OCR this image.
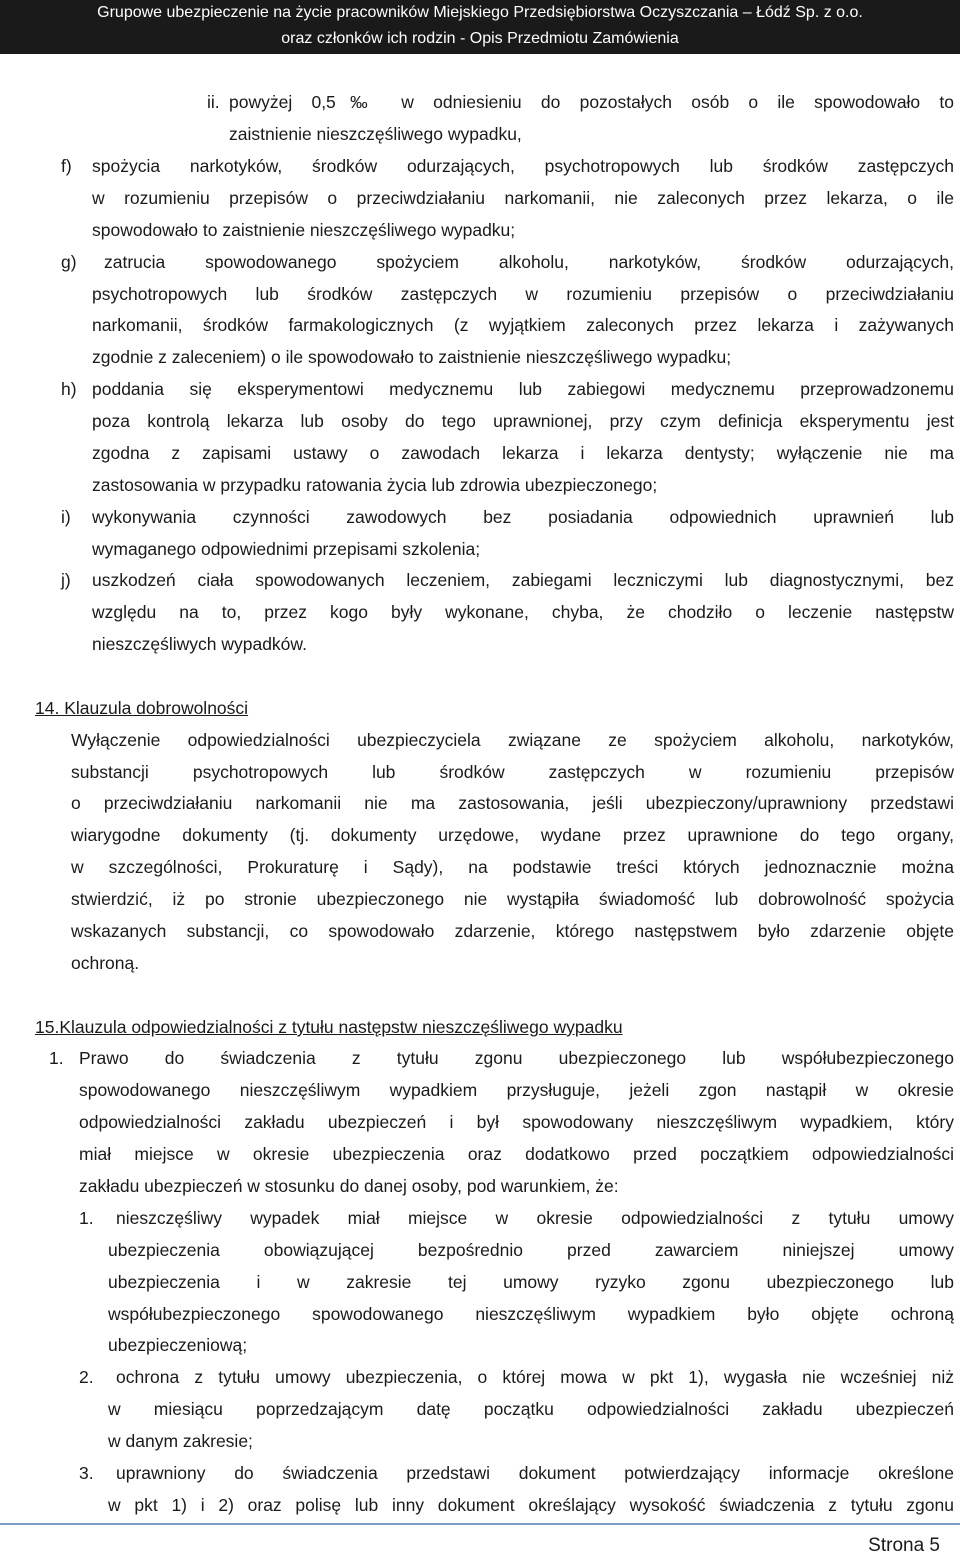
Grupowe ubezpieczenie na życie pracowników Miejskiego Przedsiębiorstwa Oczyszczania – Łódź Sp. z o.o.
oraz członków ich rodzin - Opis Przedmiotu Zamówienia
ii. powyżej 0,5‰ w odniesieniu do pozostałych osób o ile spowodowało to
zaistnienie nieszczęśliwego wypadku,
f) spożycia narkotyków, środków odurzających, psychotropowych lub środków zastępczych
w rozumieniu przepisów o przeciwdziałaniu narkomanii, nie zaleconych przez lekarza, o ile
spowodowało to zaistnienie nieszczęśliwego wypadku;
g) zatrucia spowodowanego spożyciem alkoholu, narkotyków, środków odurzających,
psychotropowych lub środków zastępczych w rozumieniu przepisów o przeciwdziałaniu
narkomanii, środków farmakologicznych (z wyjątkiem zaleconych przez lekarza i zażywanych
zgodnie z zaleceniem) o ile spowodowało to zaistnienie nieszczęśliwego wypadku;
h) poddania się eksperymentowi medycznemu lub zabiegowi medycznemu przeprowadzonemu
poza kontrolą lekarza lub osoby do tego uprawnionej, przy czym definicja eksperymentu jest
zgodna z zapisami ustawy o zawodach lekarza i lekarza dentysty; wyłączenie nie ma
zastosowania w przypadku ratowania życia lub zdrowia ubezpieczonego;
i) wykonywania czynności zawodowych bez posiadania odpowiednich uprawnień lub
wymaganego odpowiednimi przepisami szkolenia;
j) uszkodzeń ciała spowodowanych leczeniem, zabiegami leczniczymi lub diagnostycznymi, bez
względu na to, przez kogo były wykonane, chyba, że chodziło o leczenie następstw
nieszczęśliwych wypadków.
14. Klauzula dobrowolności
Wyłączenie odpowiedzialności ubezpieczyciela związane ze spożyciem alkoholu, narkotyków,
substancji psychotropowych lub środków zastępczych w rozumieniu przepisów
o przeciwdziałaniu narkomanii nie ma zastosowania, jeśli ubezpieczony/uprawniony przedstawi
wiarygodne dokumenty (tj. dokumenty urzędowe, wydane przez uprawnione do tego organy,
w szczególności, Prokuraturę i Sądy), na podstawie treści których jednoznacznie można
stwierdzić, iż po stronie ubezpieczonego nie wystąpiła świadomość lub dobrowolność spożycia
wskazanych substancji, co spowodowało zdarzenie, którego następstwem było zdarzenie objęte
ochroną.
15.Klauzula odpowiedzialności z tytułu następstw nieszczęśliwego wypadku
1. Prawo do świadczenia z tytułu zgonu ubezpieczonego lub współubezpieczonego
spowodowanego nieszczęśliwym wypadkiem przysługuje, jeżeli zgon nastąpił w okresie
odpowiedzialności zakładu ubezpieczeń i był spowodowany nieszczęśliwym wypadkiem, który
miał miejsce w okresie ubezpieczenia oraz dodatkowo przed początkiem odpowiedzialności
zakładu ubezpieczeń w stosunku do danej osoby, pod warunkiem, że:
1. nieszczęśliwy wypadek miał miejsce w okresie odpowiedzialności z tytułu umowy
ubezpieczenia obowiązującej bezpośrednio przed zawarciem niniejszej umowy
ubezpieczenia i w zakresie tej umowy ryzyko zgonu ubezpieczonego lub
współubezpieczonego spowodowanego nieszczęśliwym wypadkiem było objęte ochroną
ubezpieczeniową;
2. ochrona z tytułu umowy ubezpieczenia, o której mowa w pkt 1), wygasła nie wcześniej niż
w miesiącu poprzedzającym datę początku odpowiedzialności zakładu ubezpieczeń
w danym zakresie;
3. uprawniony do świadczenia przedstawi dokument potwierdzający informacje określone
w pkt 1) i 2) oraz polisę lub inny dokument określający wysokość świadczenia z tytułu zgonu
Strona 5
